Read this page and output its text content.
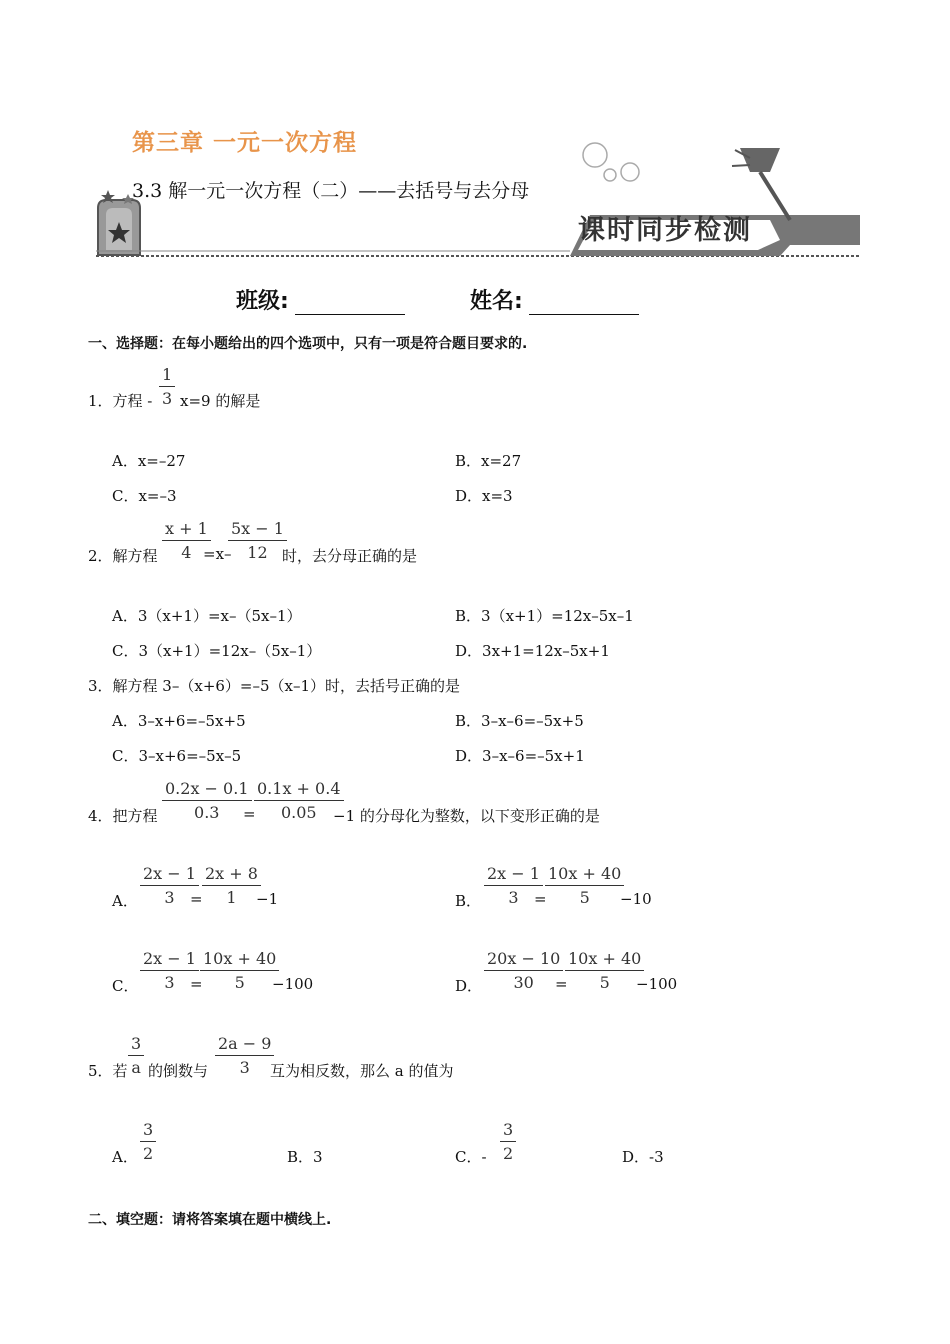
第三章 一元一次方程
3.3 解一元一次方程（二）——去括号与去分母
课时同步检测
班级:	姓名:
一、选择题：在每小题给出的四个选项中，只有一项是符合题目要求的.
1．方程 - $\frac{1}{3} x=9$ 的解是
A．x=–27	B．x=27
C．x=–3	D．x=3
2．解方程 $\frac{x + 1}{4}$
=x–
$\frac{5x - 1}{12}$
时，去分母正确的是
A．3（x+1）=x–（5x–1）	B．3（x+1）=12x–5x–1
C．3（x+1）=12x–（5x–1）	D．3x+1=12x–5x+1
3．解方程 3–（x+6）=–5（x–1）时，去括号正确的是
A．3–x+6=–5x+5	B．3–x–6=–5x+5
C．3–x+6=–5x–5	D．3–x–6=–5x+1
4．把方程 $\frac{0.2x - 0.1}{0.3}$
=
$\frac{0.1x + 0.4}{0.05}$
−1 的分母化为整数，以下变形正确的是
A． $\frac{2x - 1}{3}$
= $\frac{2x + 8}{1}$
−1	B． $\frac{2x - 1}{3}$
=
$\frac{10x + 40}{5}$
−10
C． $\frac{2x - 1}{3}$
=
$\frac{10x + 40}{5}$
−100	D． $\frac{20x - 10}{30}$
=
$\frac{10x + 40}{5}$
−100
5．若 $\frac{3}{a}$ 的倒数与 $\frac{2a - 9}{3}$
互为相反数，那么 a 的值为
A． $\frac{3}{2}$	B．3	C．- $\frac{3}{2}$	D．-3
二、填空题：请将答案填在题中横线上.
